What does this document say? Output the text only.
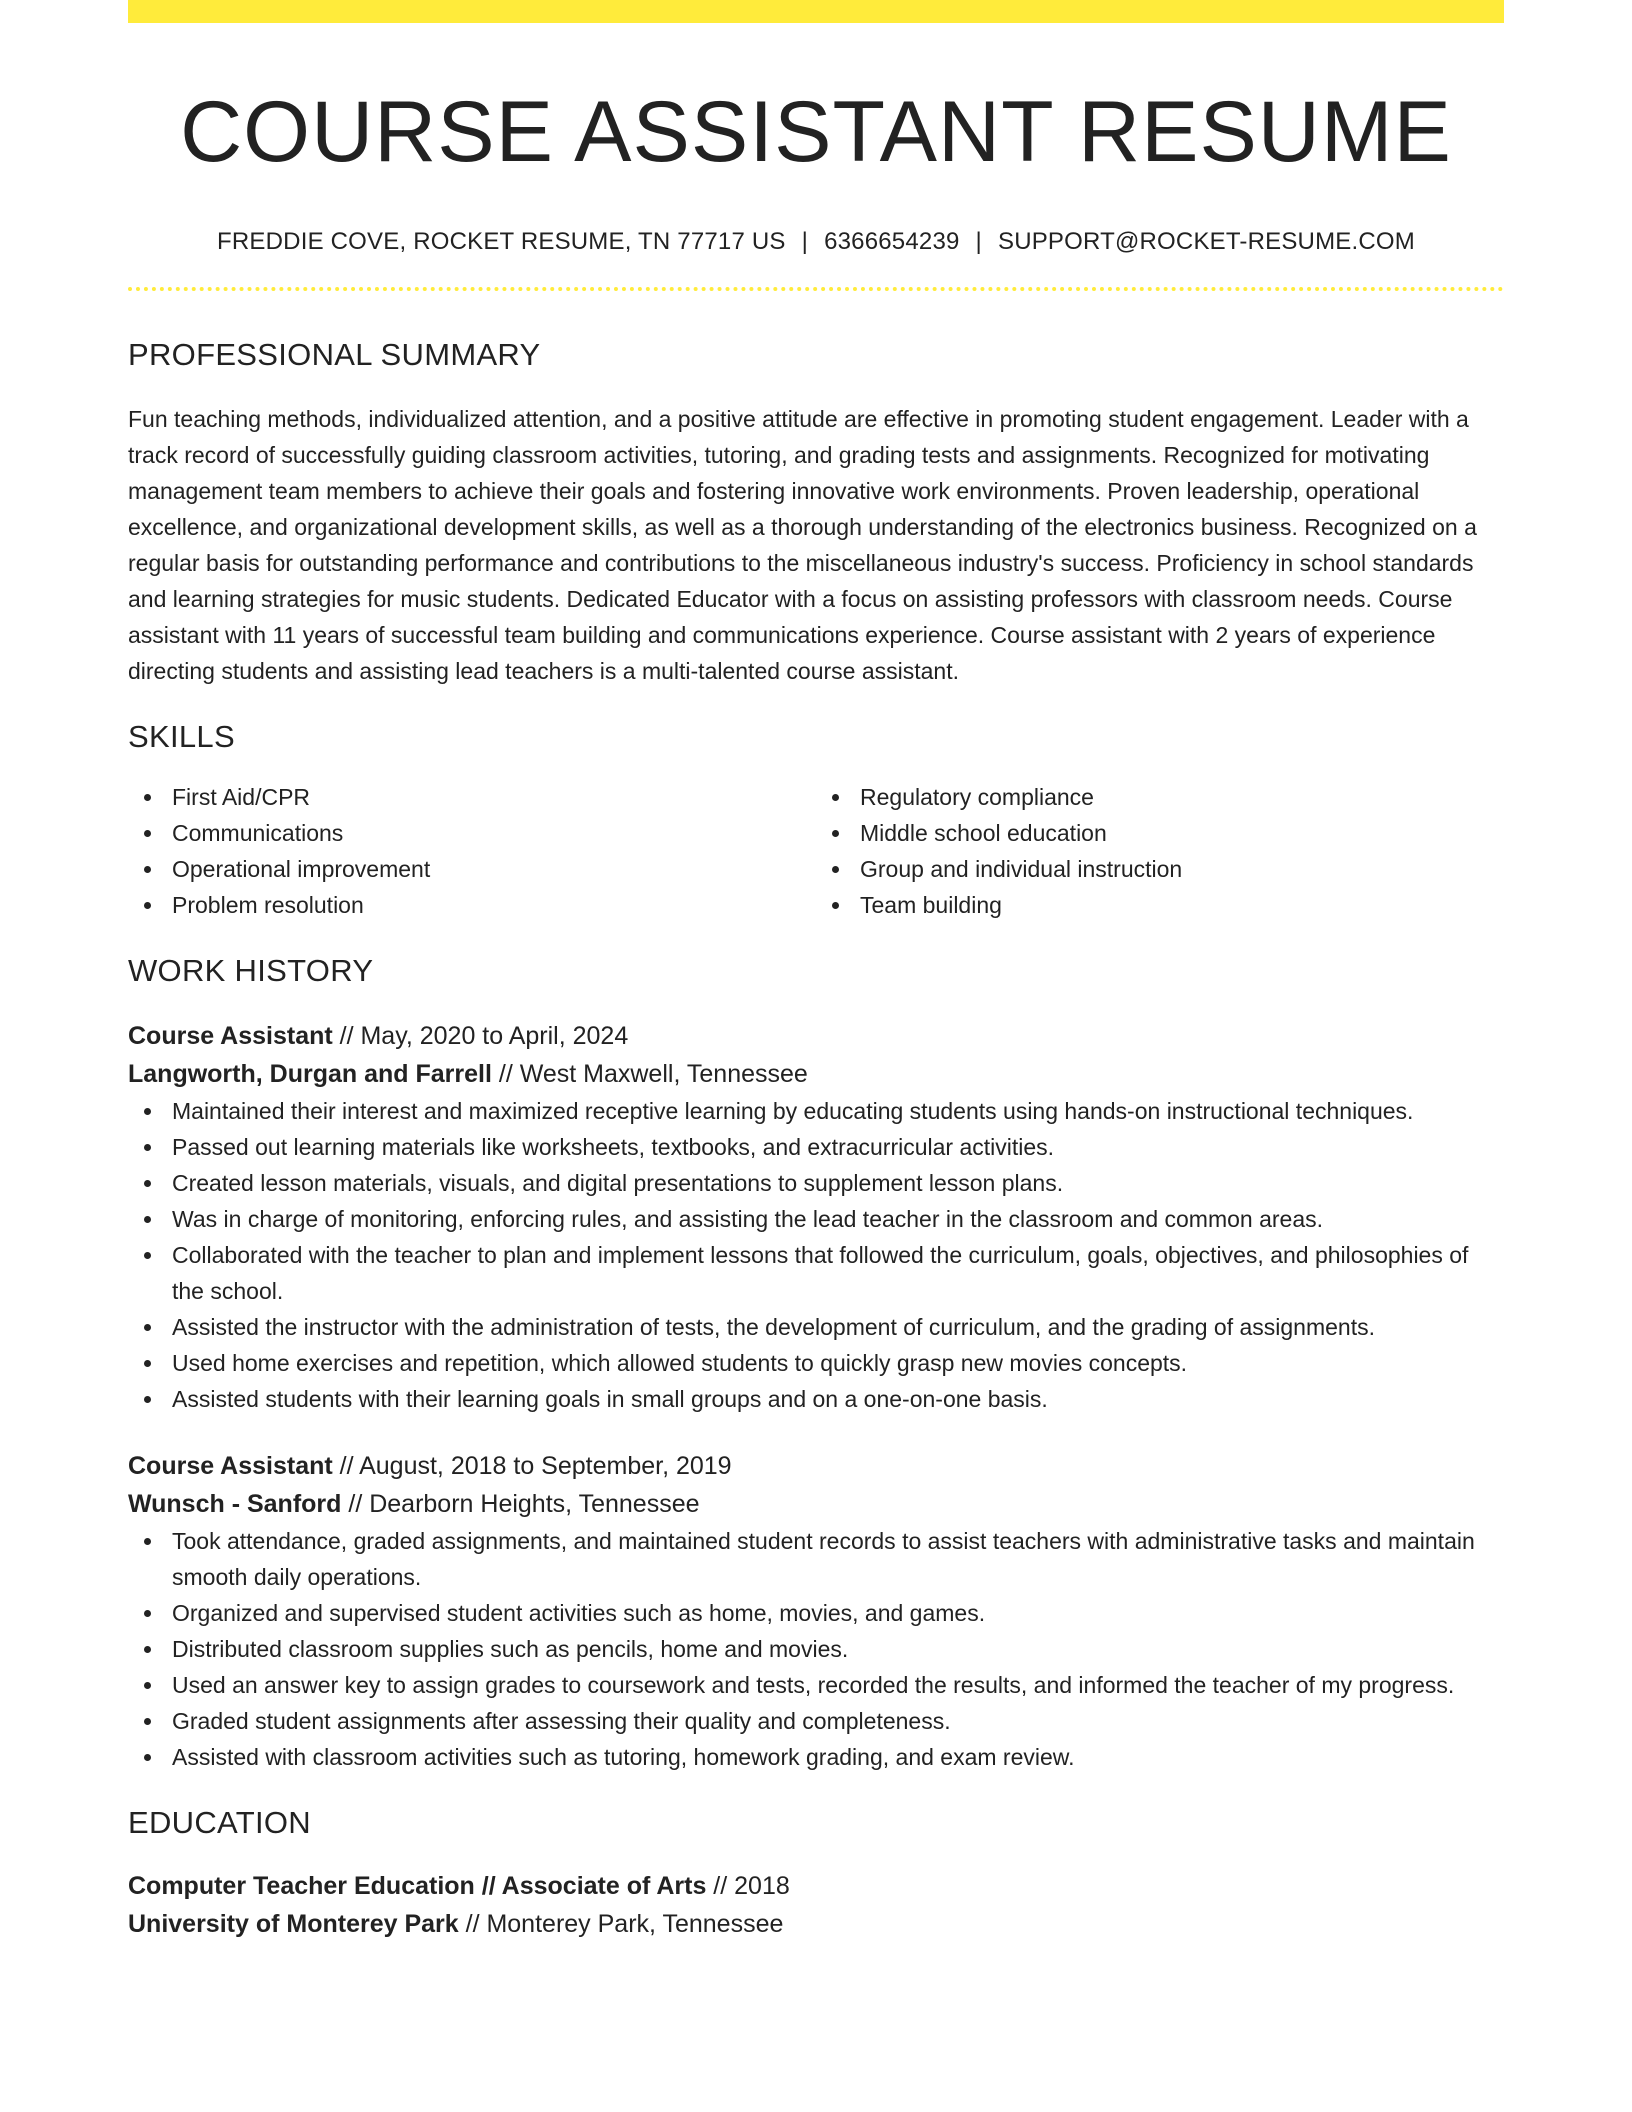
COURSE ASSISTANT RESUME
FREDDIE COVE, ROCKET RESUME, TN 77717 US | 6366654239 | SUPPORT@ROCKET-RESUME.COM
PROFESSIONAL SUMMARY
Fun teaching methods, individualized attention, and a positive attitude are effective in promoting student engagement. Leader with a track record of successfully guiding classroom activities, tutoring, and grading tests and assignments. Recognized for motivating management team members to achieve their goals and fostering innovative work environments. Proven leadership, operational excellence, and organizational development skills, as well as a thorough understanding of the electronics business. Recognized on a regular basis for outstanding performance and contributions to the miscellaneous industry's success. Proficiency in school standards and learning strategies for music students. Dedicated Educator with a focus on assisting professors with classroom needs. Course assistant with 11 years of successful team building and communications experience. Course assistant with 2 years of experience directing students and assisting lead teachers is a multi-talented course assistant.
SKILLS
First Aid/CPR
Communications
Operational improvement
Problem resolution
Regulatory compliance
Middle school education
Group and individual instruction
Team building
WORK HISTORY
Course Assistant // May, 2020 to April, 2024
Langworth, Durgan and Farrell // West Maxwell, Tennessee
Maintained their interest and maximized receptive learning by educating students using hands-on instructional techniques.
Passed out learning materials like worksheets, textbooks, and extracurricular activities.
Created lesson materials, visuals, and digital presentations to supplement lesson plans.
Was in charge of monitoring, enforcing rules, and assisting the lead teacher in the classroom and common areas.
Collaborated with the teacher to plan and implement lessons that followed the curriculum, goals, objectives, and philosophies of the school.
Assisted the instructor with the administration of tests, the development of curriculum, and the grading of assignments.
Used home exercises and repetition, which allowed students to quickly grasp new movies concepts.
Assisted students with their learning goals in small groups and on a one-on-one basis.
Course Assistant // August, 2018 to September, 2019
Wunsch - Sanford // Dearborn Heights, Tennessee
Took attendance, graded assignments, and maintained student records to assist teachers with administrative tasks and maintain smooth daily operations.
Organized and supervised student activities such as home, movies, and games.
Distributed classroom supplies such as pencils, home and movies.
Used an answer key to assign grades to coursework and tests, recorded the results, and informed the teacher of my progress.
Graded student assignments after assessing their quality and completeness.
Assisted with classroom activities such as tutoring, homework grading, and exam review.
EDUCATION
Computer Teacher Education // Associate of Arts // 2018
University of Monterey Park // Monterey Park, Tennessee
